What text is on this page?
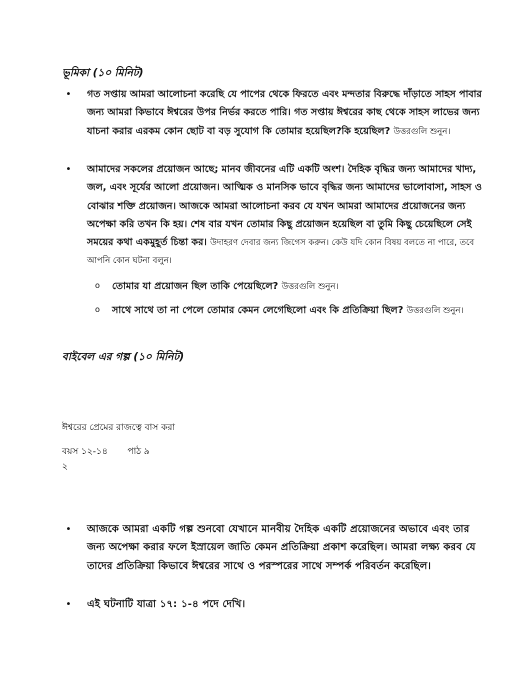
ভূমিকা (১০ মিনিট)
• গত সপ্তায় আমরা আলোচনা করেছি যে পাপের থেকে ফিরতে এবং মন্দতার বিরুদ্ধে দাঁড়াতে সাহস পাবার জন্য আমরা কিভাবে ঈশ্বরের উপর নির্ভর করতে পারি। গত সপ্তায় ঈশ্বরের কাছ থেকে সাহস লাভের জন্য যাচনা করার এরকম কোন ছোট বা বড় সুযোগ কি তোমার হয়েছিল?কি হয়েছিল? উত্তরগুলি শুনুন।
• আমাদের সকলের প্রয়োজন আছে; মানব জীবনের এটি একটি অংশ। দৈহিক বৃদ্ধির জন্য আমাদের খাদ্য, জল, এবং সূর্যের আলো প্রয়োজন। আত্মিক ও মানসিক ভাবে বৃদ্ধির জন্য আমাদের ভালোবাসা, সাহস ও বোঝার শক্তি প্রয়োজন। আজকে আমরা আলোচনা করব যে যখন আমরা আমাদের প্রয়োজনের জন্য অপেক্ষা করি তখন কি হয়। শেষ বার যখন তোমার কিছু প্রয়োজন হয়েছিল বা তুমি কিছু চেয়েছিলে সেই সময়ের কথা একমুহূর্ত চিন্তা কর। উদাহরণ দেবার জন্য জিগেস করুন। কেউ যদি কোন বিষয় বলতে না পারে, তবে আপনি কোন ঘটনা বলুন।
o তোমার যা প্রয়োজন ছিল তাকি পেয়েছিলে? উত্তরগুলি শুনুন।
o সাথে সাথে তা না পেলে তোমার কেমন লেগেছিলো এবং কি প্রতিক্রিয়া ছিল? উত্তরগুলি শুনুন।
বাইবেল এর গল্প (১০ মিনিট)
ঈশ্বরের প্রেমের রাজত্বে বাস করা
বয়স ১২-১৪ পাঠ ৯
২
• আজকে আমরা একটি গল্প শুনবো যেখানে মানবীয় দৈহিক একটি প্রয়োজনের অভাবে এবং তার জন্য অপেক্ষা করার ফলে ইস্রায়েল জাতি কেমন প্রতিক্রিয়া প্রকাশ করেছিল। আমরা লক্ষ্য করব যে তাদের প্রতিক্রিয়া কিভাবে ঈশ্বরের সাথে ও পরস্পরের সাথে সম্পর্ক পরিবর্তন করেছিল।
• এই ঘটনাটি যাত্রা ১৭: ১-৪ পদে দেখি।
